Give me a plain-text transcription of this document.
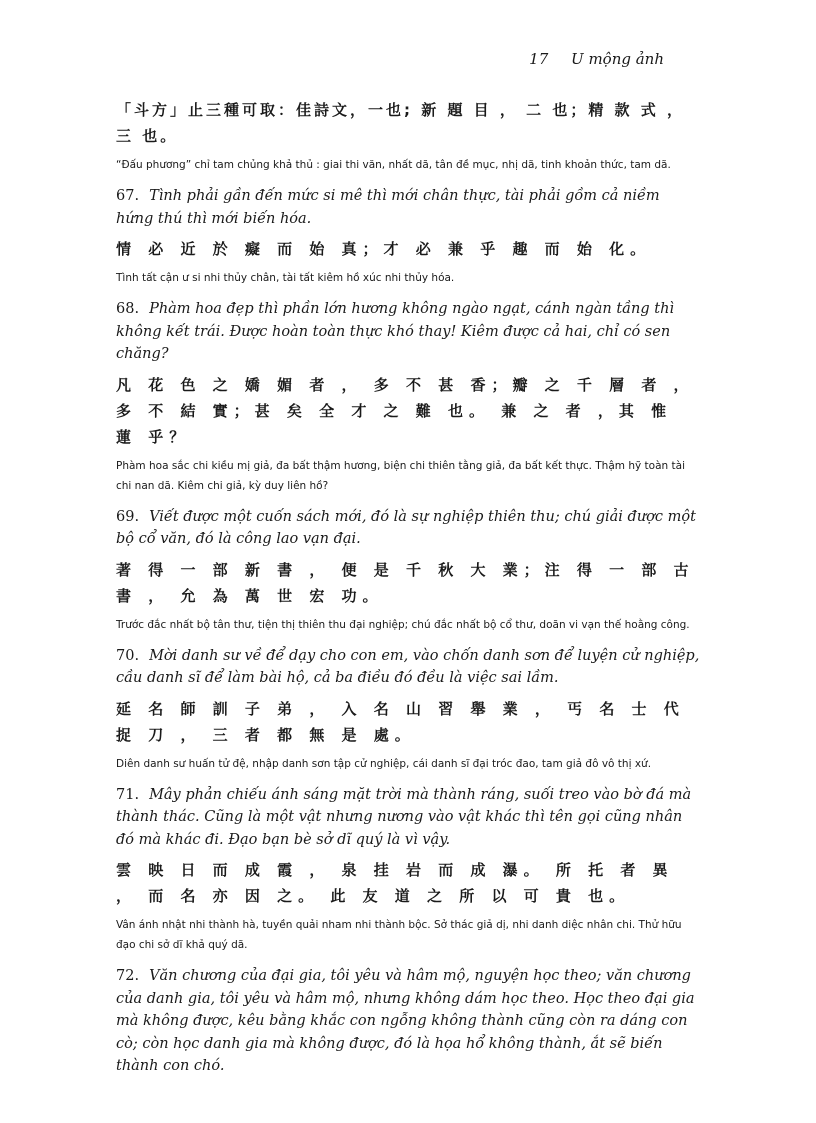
17 U mộng ảnh

「斗方」止三種可取：佳詩文，一也; 新 題 目 ， 二 也；精 款 式 ， 三 也。

“Đấu phương” chỉ tam chủng khả thủ : giai thi văn, nhất dã, tân đề mục, nhị dã, tinh khoản thức, tam dã.

67. Tình phải gần đến mức si mê thì mới chân thực, tài phải gồm cả niềm hứng thú thì mới biến hóa.

情 必 近 於 癡 而 始 真；才 必 兼 乎 趣 而 始 化。

Tình tất cận ư si nhi thủy chân, tài tất kiêm hồ xúc nhi thủy hóa.

68. Phàm hoa đẹp thì phần lớn hương không ngào ngạt, cánh ngàn tầng thì không kết trái. Được hoàn toàn thực khó thay! Kiêm được cả hai, chỉ có sen chăng?

凡 花 色 之 嬌 媚 者 ， 多 不 甚 香；瓣 之 千 層 者 ， 多 不 結 實；甚 矣 全 才 之 難 也。 兼 之 者 ，其 惟 蓮 乎？

Phàm hoa sắc chi kiều mị giả, đa bất thậm hương, biện chi thiên tằng giả, đa bất kết thực. Thậm hỹ toàn tài chi nan dã. Kiêm chi giả, kỳ duy liên hồ?

69. Viết được một cuốn sách mới, đó là sự nghiệp thiên thu; chú giải được một bộ cổ văn, đó là công lao vạn đại.

著 得 一 部 新 書 ， 便 是 千 秋 大 業；注 得 一 部 古 書 ， 允 為 萬 世 宏 功。

Trước đắc nhất bộ tân thư, tiện thị thiên thu đại nghiệp; chú đắc nhất bộ cổ thư, doãn vi vạn thế hoằng công.

70. Mời danh sư về để dạy cho con em, vào chốn danh sơn để luyện cử nghiệp, cầu danh sĩ để làm bài hộ, cả ba điều đó đều là việc sai lầm.

延 名 師 訓 子 弟 ， 入 名 山 習 舉 業 ， 丐 名 士 代 捉 刀 ， 三 者 都 無 是 處。

Diên danh sư huấn tử đệ, nhập danh sơn tập cử nghiệp, cái danh sĩ đại tróc đao, tam giả đô vô thị xứ.

71. Mây phản chiếu ánh sáng mặt trời mà thành ráng, suối treo vào bờ đá mà thành thác. Cũng là một vật nhưng nương vào vật khác thì tên gọi cũng nhân đó mà khác đi. Đạo bạn bè sở dĩ quý là vì vậy.

雲 映 日 而 成 霞 ， 泉 挂 岩 而 成 瀑。 所 托 者 異 ， 而 名 亦 因 之。 此 友 道 之 所 以 可 貴 也。

Vân ánh nhật nhi thành hà, tuyền quải nham nhi thành bộc. Sở thác giả dị, nhi danh diệc nhân chi. Thử hữu đạo chi sở dĩ khả quý dã.

72. Văn chương của đại gia, tôi yêu và hâm mộ, nguyện học theo; văn chương của danh gia, tôi yêu và hâm mộ, nhưng không dám học theo. Học theo đại gia mà không được, kêu bằng khắc con ngỗng không thành cũng còn ra dáng con cò; còn học danh gia mà không được, đó là họa hổ không thành, ắt sẽ biến thành con chó.
